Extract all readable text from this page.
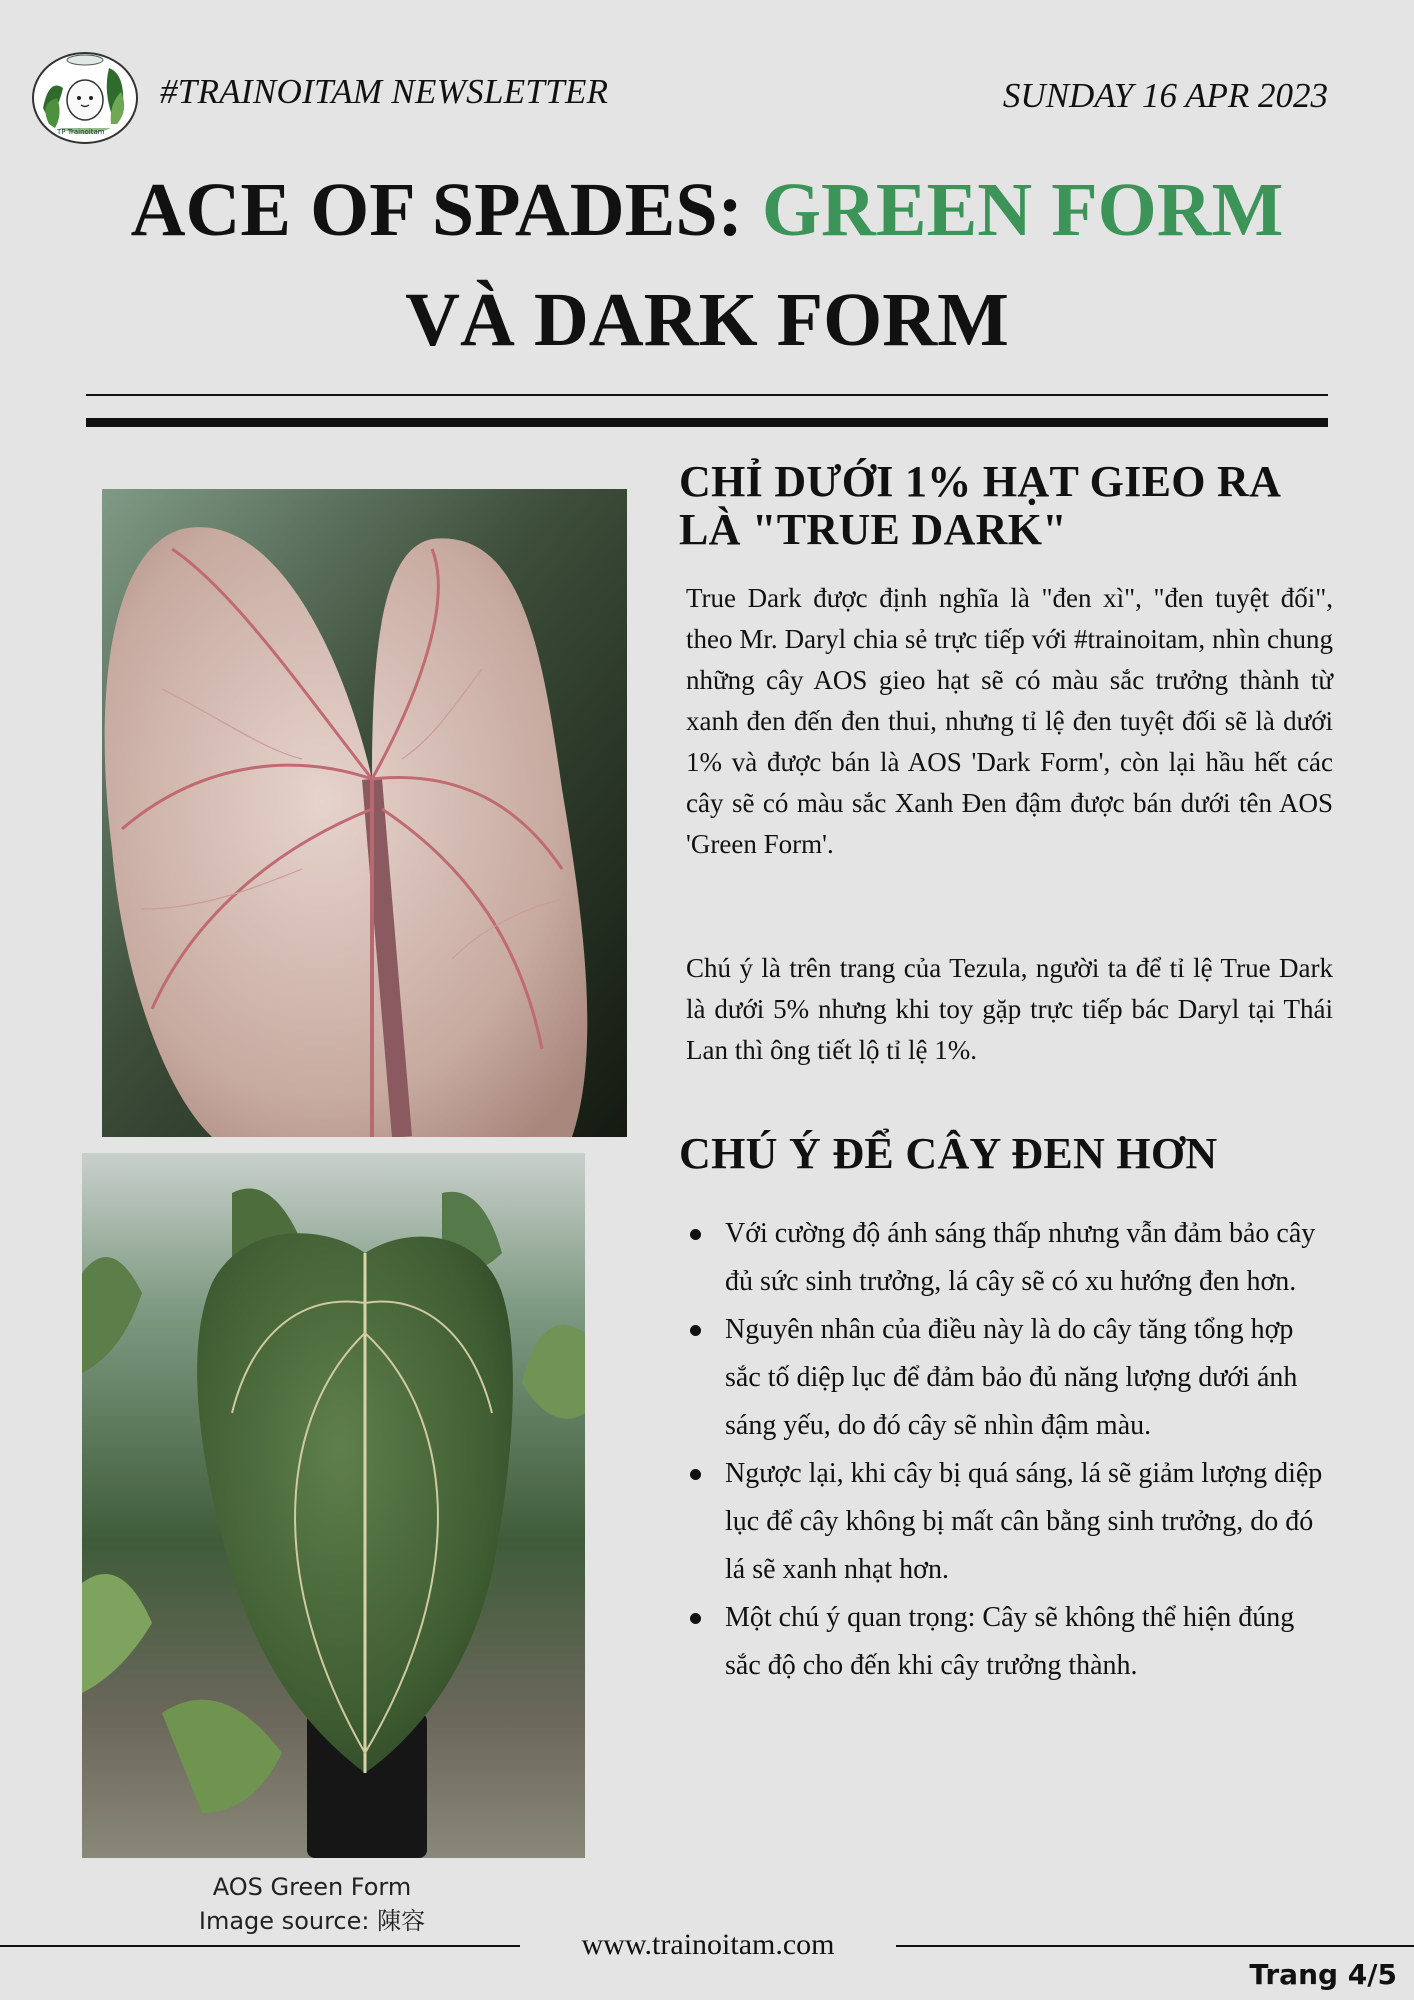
TP Trainoitam
#TRAINOITAM NEWSLETTER	SUNDAY 16 APR 2023
ACE OF SPADES: GREEN FORM
VÀ DARK FORM
AOS Green Form
Image source: 陳容
CHỈ DƯỚI 1% HẠT GIEO RA LÀ "TRUE DARK"
True Dark được định nghĩa là "đen xì", "đen tuyệt đối", theo Mr. Daryl chia sẻ trực tiếp với #trainoitam, nhìn chung những cây AOS gieo hạt sẽ có màu sắc trưởng thành từ xanh đen đến đen thui, nhưng tỉ lệ đen tuyệt đối sẽ là dưới 1% và được bán là AOS 'Dark Form', còn lại hầu hết các cây sẽ có màu sắc Xanh Đen đậm được bán dưới tên AOS 'Green Form'.
Chú ý là trên trang của Tezula, người ta để tỉ lệ True Dark là dưới 5% nhưng khi toy gặp trực tiếp bác Daryl tại Thái Lan thì ông tiết lộ tỉ lệ 1%.
CHÚ Ý ĐỂ CÂY ĐEN HƠN
Với cường độ ánh sáng thấp nhưng vẫn đảm bảo cây đủ sức sinh trưởng, lá cây sẽ có xu hướng đen hơn.
Nguyên nhân của điều này là do cây tăng tổng hợp sắc tố diệp lục để đảm bảo đủ năng lượng dưới ánh sáng yếu, do đó cây sẽ nhìn đậm màu.
Ngược lại, khi cây bị quá sáng, lá sẽ giảm lượng diệp lục để cây không bị mất cân bằng sinh trưởng, do đó lá sẽ xanh nhạt hơn.
Một chú ý quan trọng: Cây sẽ không thể hiện đúng sắc độ cho đến khi cây trưởng thành.
www.trainoitam.com
Trang 4/5
